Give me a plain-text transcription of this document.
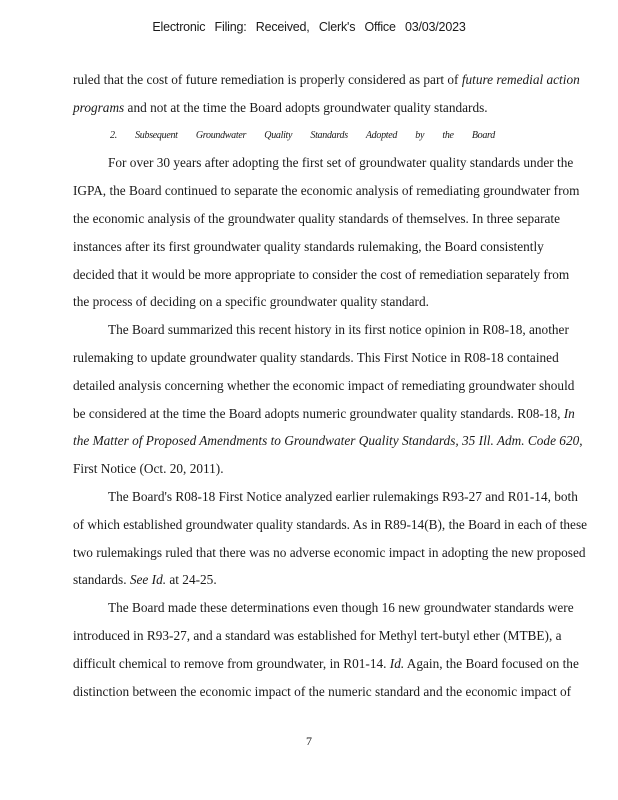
Electronic Filing: Received, Clerk's Office 03/03/2023

ruled that the cost of future remediation is properly considered as part of future remedial action programs and not at the time the Board adopts groundwater quality standards.

2. Subsequent Groundwater Quality Standards Adopted by the Board

For over 30 years after adopting the first set of groundwater quality standards under the IGPA, the Board continued to separate the economic analysis of remediating groundwater from the economic analysis of the groundwater quality standards of themselves. In three separate instances after its first groundwater quality standards rulemaking, the Board consistently decided that it would be more appropriate to consider the cost of remediation separately from the process of deciding on a specific groundwater quality standard.

The Board summarized this recent history in its first notice opinion in R08-18, another rulemaking to update groundwater quality standards. This First Notice in R08-18 contained detailed analysis concerning whether the economic impact of remediating groundwater should be considered at the time the Board adopts numeric groundwater quality standards. R08-18, In the Matter of Proposed Amendments to Groundwater Quality Standards, 35 Ill. Adm. Code 620, First Notice (Oct. 20, 2011).

The Board's R08-18 First Notice analyzed earlier rulemakings R93-27 and R01-14, both of which established groundwater quality standards. As in R89-14(B), the Board in each of these two rulemakings ruled that there was no adverse economic impact in adopting the new proposed standards. See Id. at 24-25.

The Board made these determinations even though 16 new groundwater standards were introduced in R93-27, and a standard was established for Methyl tert-butyl ether (MTBE), a difficult chemical to remove from groundwater, in R01-14. Id. Again, the Board focused on the distinction between the economic impact of the numeric standard and the economic impact of

7
